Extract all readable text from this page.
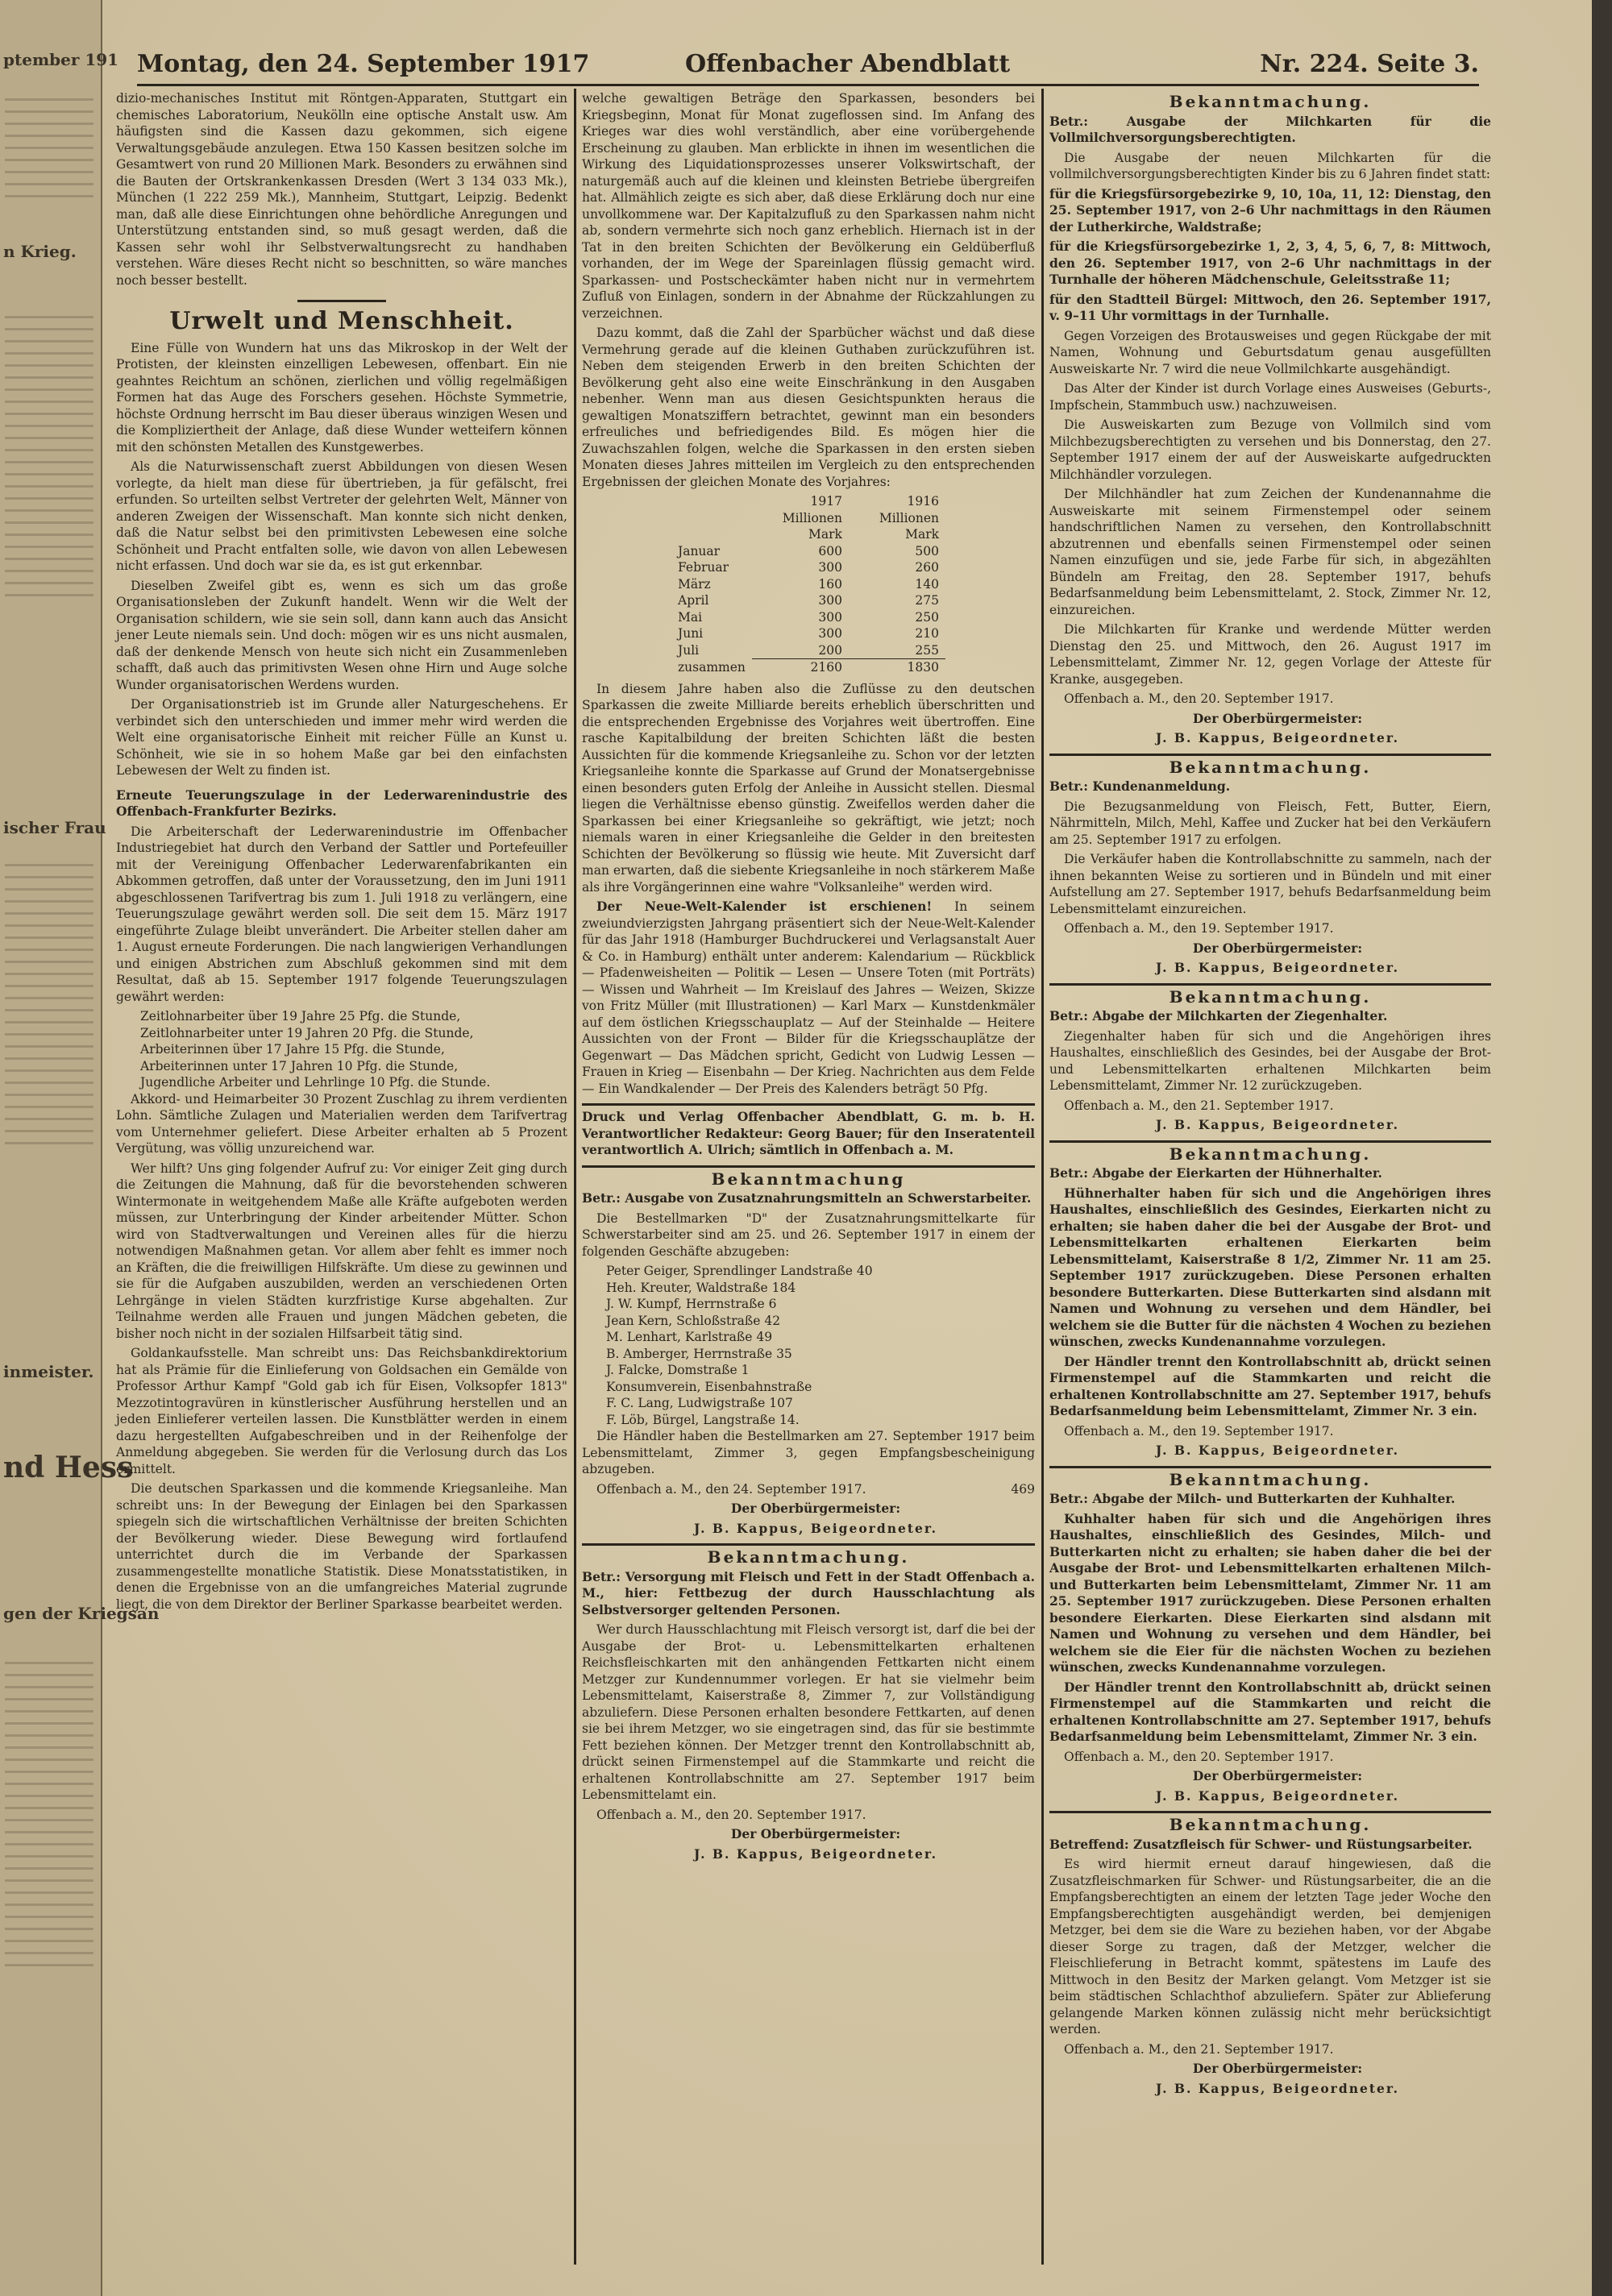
ptember 191
n Krieg.
ischer Frau
inmeister.
nd Hess
gen der Kriegsan
Montag, den 24. September 1917	Offenbacher Abendblatt	Nr. 224. Seite 3.

dizio-mechanisches Institut mit Röntgen-Apparaten, Stuttgart ein chemisches Laboratorium, Neukölln eine optische Anstalt usw. Am häufigsten sind die Kassen dazu gekommen, sich eigene Verwaltungsgebäude anzulegen. Etwa 150 Kassen besitzen solche im Gesamtwert von rund 20 Millionen Mark. Besonders zu erwähnen sind die Bauten der Ortskrankenkassen Dresden (Wert 3 134 033 Mk.), München (1 222 259 Mk.), Mannheim, Stuttgart, Leipzig. Bedenkt man, daß alle diese Einrichtungen ohne behördliche Anregungen und Unterstützung entstanden sind, so muß gesagt werden, daß die Kassen sehr wohl ihr Selbstverwaltungsrecht zu handhaben verstehen. Wäre dieses Recht nicht so beschnitten, so wäre manches noch besser bestellt.

Urwelt und Menschheit.

Eine Fülle von Wundern hat uns das Mikroskop in der Welt der Protisten, der kleinsten einzelligen Lebewesen, offenbart. Ein nie geahntes Reichtum an schönen, zierlichen und völlig regelmäßigen Formen hat das Auge des Forschers gesehen. Höchste Symmetrie, höchste Ordnung herrscht im Bau dieser überaus winzigen Wesen und die Kompliziertheit der Anlage, daß diese Wunder wetteifern können mit den schönsten Metallen des Kunstgewerbes.

Als die Naturwissenschaft zuerst Abbildungen von diesen Wesen vorlegte, da hielt man diese für übertrieben, ja für gefälscht, frei erfunden. So urteilten selbst Vertreter der gelehrten Welt, Männer von anderen Zweigen der Wissenschaft. Man konnte sich nicht denken, daß die Natur selbst bei den primitivsten Lebewesen eine solche Schönheit und Pracht entfalten solle, wie davon von allen Lebewesen nicht erfassen. Und doch war sie da, es ist gut erkennbar.

Dieselben Zweifel gibt es, wenn es sich um das große Organisationsleben der Zukunft handelt. Wenn wir die Welt der Organisation schildern, wie sie sein soll, dann kann auch das Ansicht jener Leute niemals sein. Und doch: mögen wir es uns nicht ausmalen, daß der denkende Mensch von heute sich nicht ein Zusammenleben schafft, daß auch das primitivsten Wesen ohne Hirn und Auge solche Wunder organisatorischen Werdens wurden.

Der Organisationstrieb ist im Grunde aller Naturgeschehens. Er verbindet sich den unterschieden und immer mehr wird werden die Welt eine organisatorische Einheit mit reicher Fülle an Kunst u. Schönheit, wie sie in so hohem Maße gar bei den einfachsten Lebewesen der Welt zu finden ist.

Erneute Teuerungszulage in der Lederwarenindustrie des Offenbach-Frankfurter Bezirks.

Die Arbeiterschaft der Lederwarenindustrie im Offenbacher Industriegebiet hat durch den Verband der Sattler und Portefeuiller mit der Vereinigung Offenbacher Lederwarenfabrikanten ein Abkommen getroffen, daß unter der Voraussetzung, den im Juni 1911 abgeschlossenen Tarifvertrag bis zum 1. Juli 1918 zu verlängern, eine Teuerungszulage gewährt werden soll. Die seit dem 15. März 1917 eingeführte Zulage bleibt unverändert. Die Arbeiter stellen daher am 1. August erneute Forderungen. Die nach langwierigen Verhandlungen und einigen Abstrichen zum Abschluß gekommen sind mit dem Resultat, daß ab 15. September 1917 folgende Teuerungszulagen gewährt werden:

Zeitlohnarbeiter über 19 Jahre 25 Pfg. die Stunde,

Zeitlohnarbeiter unter 19 Jahren 20 Pfg. die Stunde,

Arbeiterinnen über 17 Jahre 15 Pfg. die Stunde,

Arbeiterinnen unter 17 Jahren 10 Pfg. die Stunde,

Jugendliche Arbeiter und Lehrlinge 10 Pfg. die Stunde.

Akkord- und Heimarbeiter 30 Prozent Zuschlag zu ihrem verdienten Lohn. Sämtliche Zulagen und Materialien werden dem Tarifvertrag vom Unternehmer geliefert. Diese Arbeiter erhalten ab 5 Prozent Vergütung, was völlig unzureichend war.

Wer hilft? Uns ging folgender Aufruf zu: Vor einiger Zeit ging durch die Zeitungen die Mahnung, daß für die bevorstehenden schweren Wintermonate in weitgehendem Maße alle Kräfte aufgeboten werden müssen, zur Unterbringung der Kinder arbeitender Mütter. Schon wird von Stadtverwaltungen und Vereinen alles für die hierzu notwendigen Maßnahmen getan. Vor allem aber fehlt es immer noch an Kräften, die die freiwilligen Hilfskräfte. Um diese zu gewinnen und sie für die Aufgaben auszubilden, werden an verschiedenen Orten Lehrgänge in vielen Städten kurzfristige Kurse abgehalten. Zur Teilnahme werden alle Frauen und jungen Mädchen gebeten, die bisher noch nicht in der sozialen Hilfsarbeit tätig sind.

Goldankaufsstelle. Man schreibt uns: Das Reichsbankdirektorium hat als Prämie für die Einlieferung von Goldsachen ein Gemälde von Professor Arthur Kampf "Gold gab ich für Eisen, Volksopfer 1813" Mezzotintogravüren in künstlerischer Ausführung herstellen und an jeden Einlieferer verteilen lassen. Die Kunstblätter werden in einem dazu hergestellten Aufgabeschreiben und in der Reihenfolge der Anmeldung abgegeben. Sie werden für die Verlosung durch das Los ermittelt.

Die deutschen Sparkassen und die kommende Kriegsanleihe. Man schreibt uns: In der Bewegung der Einlagen bei den Sparkassen spiegeln sich die wirtschaftlichen Verhältnisse der breiten Schichten der Bevölkerung wieder. Diese Bewegung wird fortlaufend unterrichtet durch die im Verbande der Sparkassen zusammengestellte monatliche Statistik. Diese Monatsstatistiken, in denen die Ergebnisse von an die umfangreiches Material zugrunde liegt, die von dem Direktor der Berliner Sparkasse bearbeitet werden.

welche gewaltigen Beträge den Sparkassen, besonders bei Kriegsbeginn, Monat für Monat zugeflossen sind. Im Anfang des Krieges war dies wohl verständlich, aber eine vorübergehende Erscheinung zu glauben. Man erblickte in ihnen im wesentlichen die Wirkung des Liquidationsprozesses unserer Volkswirtschaft, der naturgemäß auch auf die kleinen und kleinsten Betriebe übergreifen hat. Allmählich zeigte es sich aber, daß diese Erklärung doch nur eine unvollkommene war. Der Kapitalzufluß zu den Sparkassen nahm nicht ab, sondern vermehrte sich noch ganz erheblich. Hiernach ist in der Tat in den breiten Schichten der Bevölkerung ein Geldüberfluß vorhanden, der im Wege der Spareinlagen flüssig gemacht wird. Sparkassen- und Postscheckämter haben nicht nur in vermehrtem Zufluß von Einlagen, sondern in der Abnahme der Rückzahlungen zu verzeichnen.

Dazu kommt, daß die Zahl der Sparbücher wächst und daß diese Vermehrung gerade auf die kleinen Guthaben zurückzuführen ist. Neben dem steigenden Erwerb in den breiten Schichten der Bevölkerung geht also eine weite Einschränkung in den Ausgaben nebenher. Wenn man aus diesen Gesichtspunkten heraus die gewaltigen Monatsziffern betrachtet, gewinnt man ein besonders erfreuliches und befriedigendes Bild. Es mögen hier die Zuwachszahlen folgen, welche die Sparkassen in den ersten sieben Monaten dieses Jahres mitteilen im Vergleich zu den entsprechenden Ergebnissen der gleichen Monate des Vorjahres:

	1917	1916
	Millionen Mark	Millionen Mark
Januar	600	500
Februar	300	260
März	160	140
April	300	275
Mai	300	250
Juni	300	210
Juli	200	255
zusammen	2160	1830

In diesem Jahre haben also die Zuflüsse zu den deutschen Sparkassen die zweite Milliarde bereits erheblich überschritten und die entsprechenden Ergebnisse des Vorjahres weit übertroffen. Eine rasche Kapitalbildung der breiten Schichten läßt die besten Aussichten für die kommende Kriegsanleihe zu. Schon vor der letzten Kriegsanleihe konnte die Sparkasse auf Grund der Monatsergebnisse einen besonders guten Erfolg der Anleihe in Aussicht stellen. Diesmal liegen die Verhältnisse ebenso günstig. Zweifellos werden daher die Sparkassen bei einer Kriegsanleihe so gekräftigt, wie jetzt; noch niemals waren in einer Kriegsanleihe die Gelder in den breitesten Schichten der Bevölkerung so flüssig wie heute. Mit Zuversicht darf man erwarten, daß die siebente Kriegsanleihe in noch stärkerem Maße als ihre Vorgängerinnen eine wahre "Volksanleihe" werden wird.

Der Neue-Welt-Kalender ist erschienen! In seinem zweiundvierzigsten Jahrgang präsentiert sich der Neue-Welt-Kalender für das Jahr 1918 (Hamburger Buchdruckerei und Verlagsanstalt Auer & Co. in Hamburg) enthält unter anderem: Kalendarium — Rückblick — Pfadenweisheiten — Politik — Lesen — Unsere Toten (mit Porträts) — Wissen und Wahrheit — Im Kreislauf des Jahres — Weizen, Skizze von Fritz Müller (mit Illustrationen) — Karl Marx — Kunstdenkmäler auf dem östlichen Kriegsschauplatz — Auf der Steinhalde — Heitere Aussichten von der Front — Bilder für die Kriegsschauplätze der Gegenwart — Das Mädchen spricht, Gedicht von Ludwig Lessen — Frauen in Krieg — Eisenbahn — Der Krieg. Nachrichten aus dem Felde — Ein Wandkalender — Der Preis des Kalenders beträgt 50 Pfg.

Druck und Verlag Offenbacher Abendblatt, G. m. b. H. Verantwortlicher Redakteur: Georg Bauer; für den Inseratenteil verantwortlich A. Ulrich; sämtlich in Offenbach a. M.

Bekanntmachung

Betr.: Ausgabe von Zusatznahrungsmitteln an Schwerstarbeiter.

Die Bestellmarken "D" der Zusatznahrungsmittelkarte für Schwerstarbeiter sind am 25. und 26. September 1917 in einem der folgenden Geschäfte abzugeben:

Peter Geiger, Sprendlinger Landstraße 40

Heh. Kreuter, Waldstraße 184

J. W. Kumpf, Herrnstraße 6

Jean Kern, Schloßstraße 42

M. Lenhart, Karlstraße 49

B. Amberger, Herrnstraße 35

J. Falcke, Domstraße 1

Konsumverein, Eisenbahnstraße

F. C. Lang, Ludwigstraße 107

F. Löb, Bürgel, Langstraße 14.

Die Händler haben die Bestellmarken am 27. September 1917 beim Lebensmittelamt, Zimmer 3, gegen Empfangsbescheinigung abzugeben.

Offenbach a. M., den 24. September 1917.	469

Der Oberbürgermeister:

J. B. Kappus, Beigeordneter.

Bekanntmachung.

Betr.: Versorgung mit Fleisch und Fett in der Stadt Offenbach a. M., hier: Fettbezug der durch Hausschlachtung als Selbstversorger geltenden Personen.

Wer durch Hausschlachtung mit Fleisch versorgt ist, darf die bei der Ausgabe der Brot- u. Lebensmittelkarten erhaltenen Reichsfleischkarten mit den anhängenden Fettkarten nicht einem Metzger zur Kundennummer vorlegen. Er hat sie vielmehr beim Lebensmittelamt, Kaiserstraße 8, Zimmer 7, zur Vollständigung abzuliefern. Diese Personen erhalten besondere Fettkarten, auf denen sie bei ihrem Metzger, wo sie eingetragen sind, das für sie bestimmte Fett beziehen können. Der Metzger trennt den Kontrollabschnitt ab, drückt seinen Firmenstempel auf die Stammkarte und reicht die erhaltenen Kontrollabschnitte am 27. September 1917 beim Lebensmittelamt ein.

Offenbach a. M., den 20. September 1917.

Der Oberbürgermeister:

J. B. Kappus, Beigeordneter.

Bekanntmachung.

Betr.: Ausgabe der Milchkarten für die Vollmilchversorgungsberechtigten.

Die Ausgabe der neuen Milchkarten für die vollmilchversorgungsberechtigten Kinder bis zu 6 Jahren findet statt:

für die Kriegsfürsorgebezirke 9, 10, 10a, 11, 12: Dienstag, den 25. September 1917, von 2–6 Uhr nachmittags in den Räumen der Lutherkirche, Waldstraße;

für die Kriegsfürsorgebezirke 1, 2, 3, 4, 5, 6, 7, 8: Mittwoch, den 26. September 1917, von 2–6 Uhr nachmittags in der Turnhalle der höheren Mädchenschule, Geleitsstraße 11;

für den Stadtteil Bürgel: Mittwoch, den 26. September 1917, v. 9–11 Uhr vormittags in der Turnhalle.

Gegen Vorzeigen des Brotausweises und gegen Rückgabe der mit Namen, Wohnung und Geburtsdatum genau ausgefüllten Ausweiskarte Nr. 7 wird die neue Vollmilchkarte ausgehändigt.

Das Alter der Kinder ist durch Vorlage eines Ausweises (Geburts-, Impfschein, Stammbuch usw.) nachzuweisen.

Die Ausweiskarten zum Bezuge von Vollmilch sind vom Milchbezugsberechtigten zu versehen und bis Donnerstag, den 27. September 1917 einem der auf der Ausweiskarte aufgedruckten Milchhändler vorzulegen.

Der Milchhändler hat zum Zeichen der Kundenannahme die Ausweiskarte mit seinem Firmenstempel oder seinem handschriftlichen Namen zu versehen, den Kontrollabschnitt abzutrennen und ebenfalls seinen Firmenstempel oder seinen Namen einzufügen und sie, jede Farbe für sich, in abgezählten Bündeln am Freitag, den 28. September 1917, behufs Bedarfsanmeldung beim Lebensmittelamt, 2. Stock, Zimmer Nr. 12, einzureichen.

Die Milchkarten für Kranke und werdende Mütter werden Dienstag den 25. und Mittwoch, den 26. August 1917 im Lebensmittelamt, Zimmer Nr. 12, gegen Vorlage der Atteste für Kranke, ausgegeben.

Offenbach a. M., den 20. September 1917.

Der Oberbürgermeister:

J. B. Kappus, Beigeordneter.

Bekanntmachung.

Betr.: Kundenanmeldung.

Die Bezugsanmeldung von Fleisch, Fett, Butter, Eiern, Nährmitteln, Milch, Mehl, Kaffee und Zucker hat bei den Verkäufern am 25. September 1917 zu erfolgen.

Die Verkäufer haben die Kontrollabschnitte zu sammeln, nach der ihnen bekannten Weise zu sortieren und in Bündeln und mit einer Aufstellung am 27. September 1917, behufs Bedarfsanmeldung beim Lebensmittelamt einzureichen.

Offenbach a. M., den 19. September 1917.

Der Oberbürgermeister:

J. B. Kappus, Beigeordneter.

Bekanntmachung.

Betr.: Abgabe der Milchkarten der Ziegenhalter.

Ziegenhalter haben für sich und die Angehörigen ihres Haushaltes, einschließlich des Gesindes, bei der Ausgabe der Brot- und Lebensmittelkarten erhaltenen Milchkarten beim Lebensmittelamt, Zimmer Nr. 12 zurückzugeben.

Offenbach a. M., den 21. September 1917.

J. B. Kappus, Beigeordneter.

Bekanntmachung.

Betr.: Abgabe der Eierkarten der Hühnerhalter.

Hühnerhalter haben für sich und die Angehörigen ihres Haushaltes, einschließlich des Gesindes, Eierkarten nicht zu erhalten; sie haben daher die bei der Ausgabe der Brot- und Lebensmittelkarten erhaltenen Eierkarten beim Lebensmittelamt, Kaiserstraße 8 1/2, Zimmer Nr. 11 am 25. September 1917 zurückzugeben. Diese Personen erhalten besondere Butterkarten. Diese Butterkarten sind alsdann mit Namen und Wohnung zu versehen und dem Händler, bei welchem sie die Butter für die nächsten 4 Wochen zu beziehen wünschen, zwecks Kundenannahme vorzulegen.

Der Händler trennt den Kontrollabschnitt ab, drückt seinen Firmenstempel auf die Stammkarten und reicht die erhaltenen Kontrollabschnitte am 27. September 1917, behufs Bedarfsanmeldung beim Lebensmittelamt, Zimmer Nr. 3 ein.

Offenbach a. M., den 19. September 1917.

J. B. Kappus, Beigeordneter.

Bekanntmachung.

Betr.: Abgabe der Milch- und Butterkarten der Kuhhalter.

Kuhhalter haben für sich und die Angehörigen ihres Haushaltes, einschließlich des Gesindes, Milch- und Butterkarten nicht zu erhalten; sie haben daher die bei der Ausgabe der Brot- und Lebensmittelkarten erhaltenen Milch- und Butterkarten beim Lebensmittelamt, Zimmer Nr. 11 am 25. September 1917 zurückzugeben. Diese Personen erhalten besondere Eierkarten. Diese Eierkarten sind alsdann mit Namen und Wohnung zu versehen und dem Händler, bei welchem sie die Eier für die nächsten Wochen zu beziehen wünschen, zwecks Kundenannahme vorzulegen.

Der Händler trennt den Kontrollabschnitt ab, drückt seinen Firmenstempel auf die Stammkarten und reicht die erhaltenen Kontrollabschnitte am 27. September 1917, behufs Bedarfsanmeldung beim Lebensmittelamt, Zimmer Nr. 3 ein.

Offenbach a. M., den 20. September 1917.

Der Oberbürgermeister:

J. B. Kappus, Beigeordneter.

Bekanntmachung.

Betreffend: Zusatzfleisch für Schwer- und Rüstungsarbeiter.

Es wird hiermit erneut darauf hingewiesen, daß die Zusatzfleischmarken für Schwer- und Rüstungsarbeiter, die an die Empfangsberechtigten an einem der letzten Tage jeder Woche den Empfangsberechtigten ausgehändigt werden, bei demjenigen Metzger, bei dem sie die Ware zu beziehen haben, vor der Abgabe dieser Sorge zu tragen, daß der Metzger, welcher die Fleischlieferung in Betracht kommt, spätestens im Laufe des Mittwoch in den Besitz der Marken gelangt. Vom Metzger ist sie beim städtischen Schlachthof abzuliefern. Später zur Ablieferung gelangende Marken können zulässig nicht mehr berücksichtigt werden.

Offenbach a. M., den 21. September 1917.

Der Oberbürgermeister:

J. B. Kappus, Beigeordneter.
